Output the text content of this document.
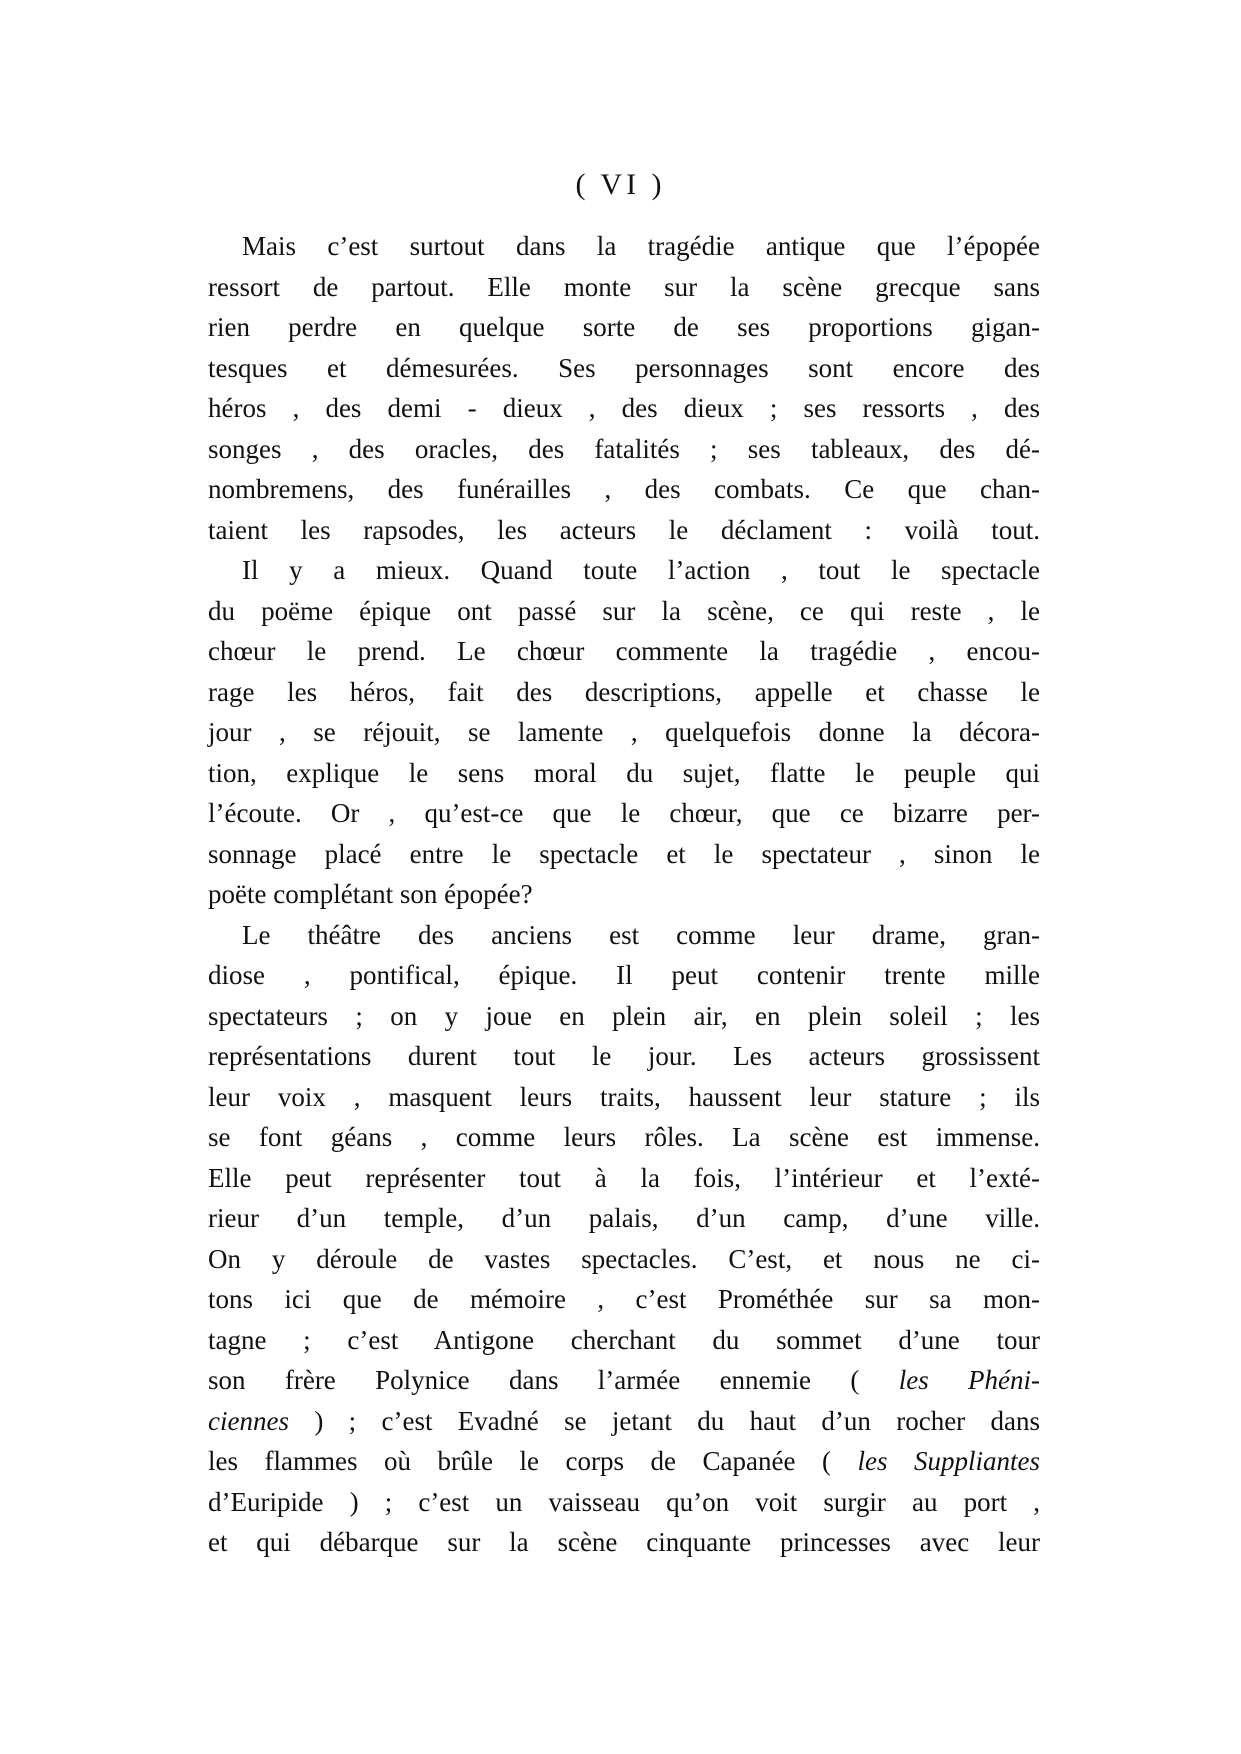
( VI )
Mais c’est surtout dans la tragédie antique que l’épopée
ressort de partout. Elle monte sur la scène grecque sans
rien perdre en quelque sorte de ses proportions gigan-
tesques et démesurées. Ses personnages sont encore des
héros , des demi - dieux , des dieux ; ses ressorts , des
songes , des oracles, des fatalités ; ses tableaux, des dé-
nombremens, des funérailles , des combats. Ce que chan-
taient les rapsodes, les acteurs le déclament : voilà tout.
Il y a mieux. Quand toute l’action , tout le spectacle
du poëme épique ont passé sur la scène, ce qui reste , le
chœur le prend. Le chœur commente la tragédie , encou-
rage les héros, fait des descriptions, appelle et chasse le
jour , se réjouit, se lamente , quelquefois donne la décora-
tion, explique le sens moral du sujet, flatte le peuple qui
l’écoute. Or , qu’est-ce que le chœur, que ce bizarre per-
sonnage placé entre le spectacle et le spectateur , sinon le
poëte complétant son épopée?
Le théâtre des anciens est comme leur drame, gran-
diose , pontifical, épique. Il peut contenir trente mille
spectateurs ; on y joue en plein air, en plein soleil ; les
représentations durent tout le jour. Les acteurs grossissent
leur voix , masquent leurs traits, haussent leur stature ; ils
se font géans , comme leurs rôles. La scène est immense.
Elle peut représenter tout à la fois, l’intérieur et l’exté-
rieur d’un temple, d’un palais, d’un camp, d’une ville.
On y déroule de vastes spectacles. C’est, et nous ne ci-
tons ici que de mémoire , c’est Prométhée sur sa mon-
tagne ; c’est Antigone cherchant du sommet d’une tour
son frère Polynice dans l’armée ennemie ( les Phéni-
ciennes ) ; c’est Evadné se jetant du haut d’un rocher dans
les flammes où brûle le corps de Capanée ( les Suppliantes
d’Euripide ) ; c’est un vaisseau qu’on voit surgir au port ,
et qui débarque sur la scène cinquante princesses avec leur
